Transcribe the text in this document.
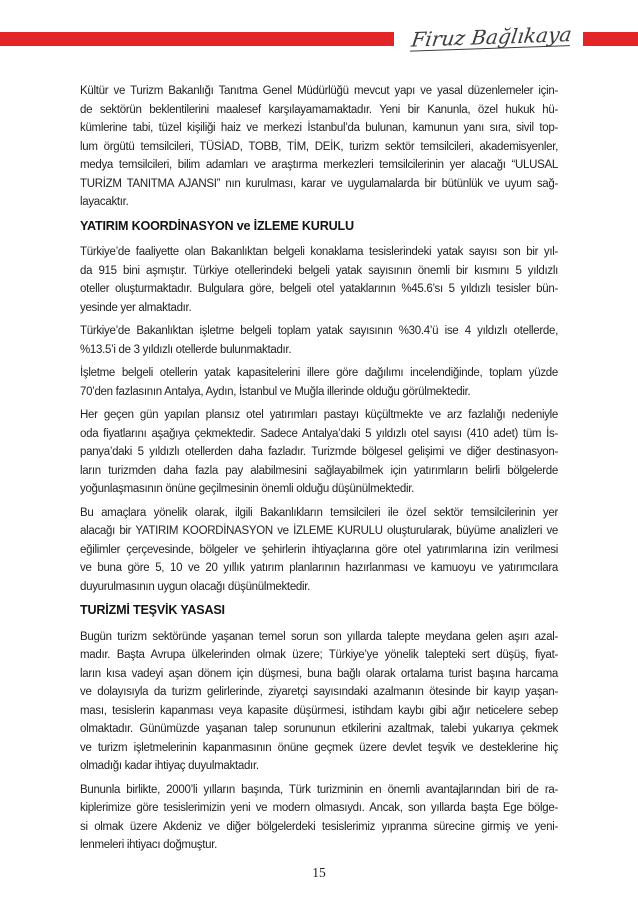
Firuz Bağlıkaya
Kültür ve Turizm Bakanlığı Tanıtma Genel Müdürlüğü mevcut yapı ve yasal düzenlemeler için-
de sektörün beklentilerini maalesef karşılayamamaktadır. Yeni bir Kanunla, özel hukuk hü-
kümlerine tabi, tüzel kişiliği haiz ve merkezi İstanbul’da bulunan, kamunun yanı sıra, sivil top-
lum örgütü temsilcileri, TÜSİAD, TOBB, TİM, DEİK, turizm sektör temsilcileri, akademisyenler,
medya temsilcileri, bilim adamları ve araştırma merkezleri temsilcilerinin yer alacağı “ULUSAL
TURİZM TANITMA AJANSI” nın kurulması, karar ve uygulamalarda bir bütünlük ve uyum sağ-
layacaktır.
YATIRIM KOORDİNASYON ve İZLEME KURULU
Türkiye’de faaliyette olan Bakanlıktan belgeli konaklama tesislerindeki yatak sayısı son bir yıl-
da 915 bini aşmıştır. Türkiye otellerindeki belgeli yatak sayısının önemli bir kısmını 5 yıldızlı
oteller oluşturmaktadır. Bulgulara göre, belgeli otel yataklarının %45.6’sı 5 yıldızlı tesisler bün-
yesinde yer almaktadır.
Türkiye’de Bakanlıktan işletme belgeli toplam yatak sayısının %30.4’ü ise 4 yıldızlı otellerde,
%13.5’i de 3 yıldızlı otellerde bulunmaktadır.
İşletme belgeli otellerin yatak kapasitelerini illere göre dağılımı incelendiğinde, toplam yüzde
70’den fazlasının Antalya, Aydın, İstanbul ve Muğla illerinde olduğu görülmektedir.
Her geçen gün yapılan plansız otel yatırımları pastayı küçültmekte ve arz fazlalığı nedeniyle
oda fiyatlarını aşağıya çekmektedir. Sadece Antalya’daki 5 yıldızlı otel sayısı (410 adet) tüm İs-
panya’daki 5 yıldızlı otellerden daha fazladır. Turizmde bölgesel gelişimi ve diğer destinasyon-
ların turizmden daha fazla pay alabilmesini sağlayabilmek için yatırımların belirli bölgelerde
yoğunlaşmasının önüne geçilmesinin önemli olduğu düşünülmektedir.
Bu amaçlara yönelik olarak, ilgili Bakanlıkların temsilcileri ile özel sektör temsilcilerinin yer
alacağı bir YATIRIM KOORDİNASYON ve İZLEME KURULU oluşturularak, büyüme analizleri ve
eğilimler çerçevesinde, bölgeler ve şehirlerin ihtiyaçlarına göre otel yatırımlarına izin verilmesi
ve buna göre 5, 10 ve 20 yıllık yatırım planlarının hazırlanması ve kamuoyu ve yatırımcılara
duyurulmasının uygun olacağı düşünülmektedir.
TURİZMİ TEŞVİK YASASI
Bugün turizm sektöründe yaşanan temel sorun son yıllarda talepte meydana gelen aşırı azal-
madır. Başta Avrupa ülkelerinden olmak üzere; Türkiye’ye yönelik talepteki sert düşüş, fiyat-
ların kısa vadeyi aşan dönem için düşmesi, buna bağlı olarak ortalama turist başına harcama
ve dolayısıyla da turizm gelirlerinde, ziyaretçi sayısındaki azalmanın ötesinde bir kayıp yaşan-
ması, tesislerin kapanması veya kapasite düşürmesi, istihdam kaybı gibi ağır neticelere sebep
olmaktadır. Günümüzde yaşanan talep sorununun etkilerini azaltmak, talebi yukarıya çekmek
ve turizm işletmelerinin kapanmasının önüne geçmek üzere devlet teşvik ve desteklerine hiç
olmadığı kadar ihtiyaç duyulmaktadır.
Bununla birlikte, 2000’li yılların başında, Türk turizminin en önemli avantajlarından biri de ra-
kiplerimize göre tesislerimizin yeni ve modern olmasıydı. Ancak, son yıllarda başta Ege bölge-
si olmak üzere Akdeniz ve diğer bölgelerdeki tesislerimiz yıpranma sürecine girmiş ve yeni-
lenmeleri ihtiyacı doğmuştur.
15
